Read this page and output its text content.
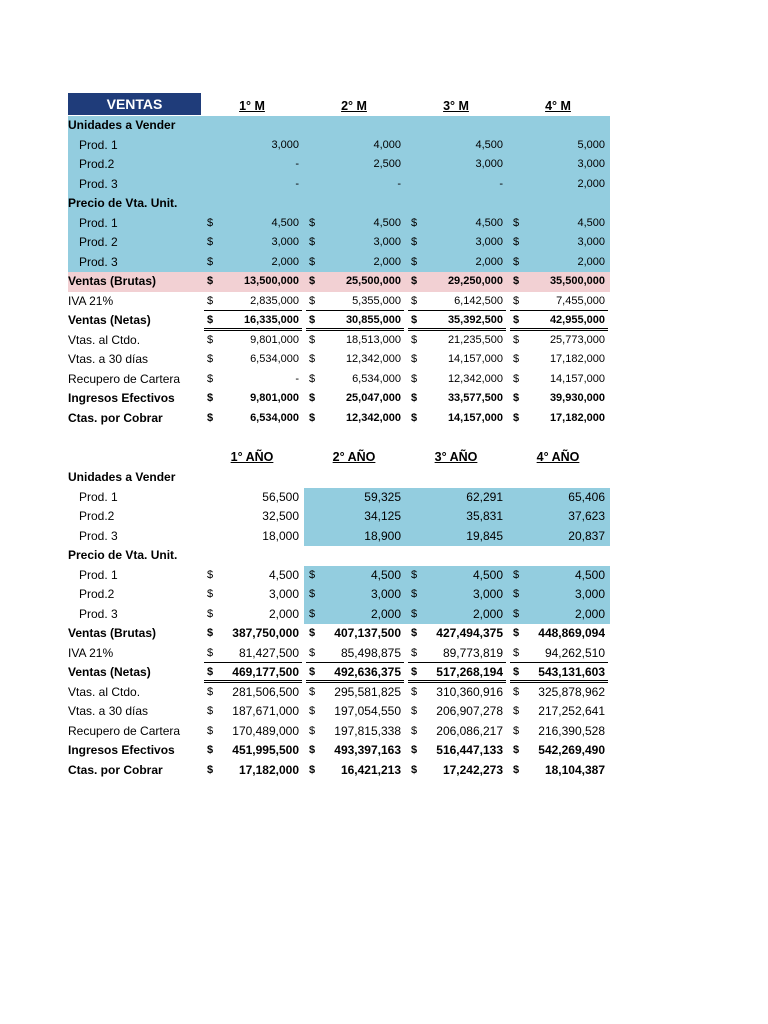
VENTAS	1° M	2° M	3° M	4° M
Unidades a Vender
Prod. 1	3,000	4,000	4,500	5,000
Prod.2	-	2,500	3,000	3,000
Prod. 3	-	-	-	2,000
Precio de Vta. Unit.
Prod. 1	$	4,500 $	4,500 $	4,500 $	4,500
Prod. 2	$	3,000 $	3,000 $	3,000 $	3,000
Prod. 3	$	2,000 $	2,000 $	2,000 $	2,000
Ventas (Brutas)	$	13,500,000 $	25,500,000 $	29,250,000 $	35,500,000
IVA 21%	$	2,835,000 $	5,355,000 $	6,142,500 $	7,455,000
Ventas (Netas)	$	16,335,000 $	30,855,000 $	35,392,500 $	42,955,000
Vtas. al Ctdo.	$	9,801,000 $	18,513,000 $	21,235,500 $	25,773,000
Vtas. a 30 días	$	6,534,000 $	12,342,000 $	14,157,000 $	17,182,000
Recupero de Cartera	$	- $	6,534,000 $	12,342,000 $	14,157,000
Ingresos Efectivos	$	9,801,000 $	25,047,000 $	33,577,500 $	39,930,000
Ctas. por Cobrar	$	6,534,000 $	12,342,000 $	14,157,000 $	17,182,000
1° AÑO	2° AÑO	3° AÑO	4° AÑO
Unidades a Vender
Prod. 1	56,500	59,325	62,291	65,406
Prod.2	32,500	34,125	35,831	37,623
Prod. 3	18,000	18,900	19,845	20,837
Precio de Vta. Unit.
Prod. 1	$	4,500 $	4,500 $	4,500 $	4,500
Prod.2	$	3,000 $	3,000 $	3,000 $	3,000
Prod. 3	$	2,000 $	2,000 $	2,000 $	2,000
Ventas (Brutas)	$	387,750,000 $	407,137,500 $	427,494,375 $	448,869,094
IVA 21%	$	81,427,500 $	85,498,875 $	89,773,819 $	94,262,510
Ventas (Netas)	$	469,177,500 $	492,636,375 $	517,268,194 $	543,131,603
Vtas. al Ctdo.	$	281,506,500 $	295,581,825 $	310,360,916 $	325,878,962
Vtas. a 30 días	$	187,671,000 $	197,054,550 $	206,907,278 $	217,252,641
Recupero de Cartera	$	170,489,000 $	197,815,338 $	206,086,217 $	216,390,528
Ingresos Efectivos	$	451,995,500 $	493,397,163 $	516,447,133 $	542,269,490
Ctas. por Cobrar	$	17,182,000 $	16,421,213 $	17,242,273 $	18,104,387
